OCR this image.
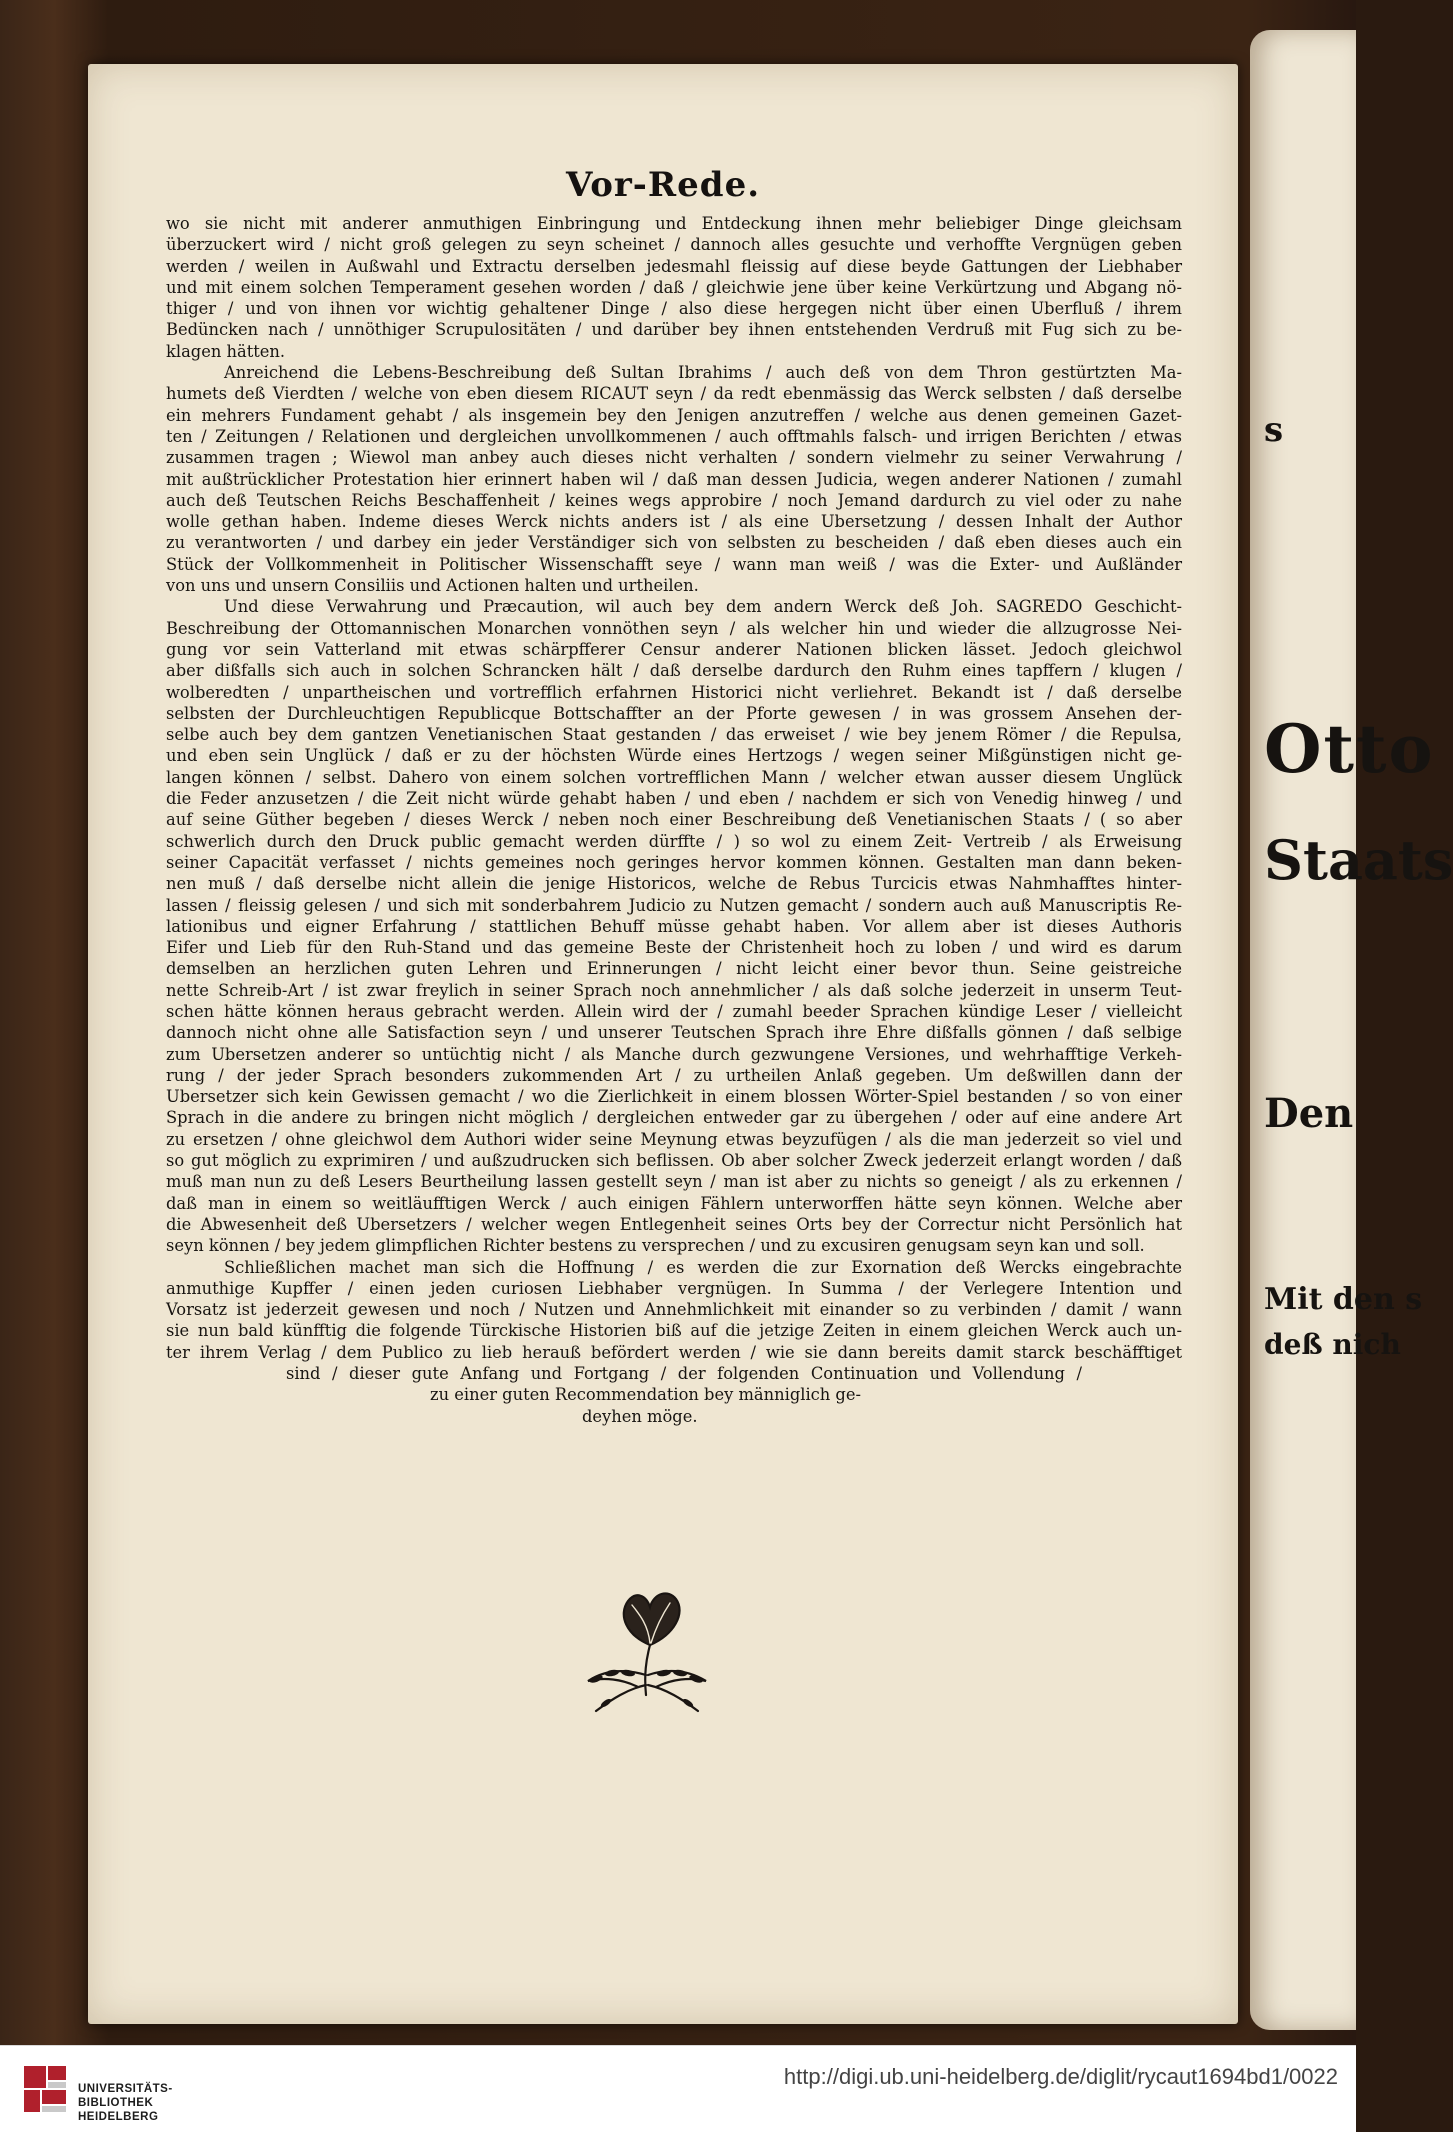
s
Otto
Staats
Den
Mit den s
deß nich
Vor-Rede.
wo sie nicht mit anderer anmuthigen Einbringung und Entdeckung ihnen mehr beliebiger Dinge gleichsam
überzuckert wird / nicht groß gelegen zu seyn scheinet / dannoch alles gesuchte und verhoffte Vergnügen geben
werden / weilen in Außwahl und Extractu derselben jedesmahl fleissig auf diese beyde Gattungen der Liebhaber
und mit einem solchen Temperament gesehen worden / daß / gleichwie jene über keine Verkürtzung und Abgang nö-
thiger / und von ihnen vor wichtig gehaltener Dinge / also diese hergegen nicht über einen Uberfluß / ihrem
Bedüncken nach / unnöthiger Scrupulositäten / und darüber bey ihnen entstehenden Verdruß mit Fug sich zu be-
klagen hätten.
Anreichend die Lebens-Beschreibung deß Sultan Ibrahims / auch deß von dem Thron gestürtzten Ma-
humets deß Vierdten / welche von eben diesem RICAUT seyn / da redt ebenmässig das Werck selbsten / daß derselbe
ein mehrers Fundament gehabt / als insgemein bey den Jenigen anzutreffen / welche aus denen gemeinen Gazet-
ten / Zeitungen / Relationen und dergleichen unvollkommenen / auch offtmahls falsch- und irrigen Berichten / etwas
zusammen tragen ; Wiewol man anbey auch dieses nicht verhalten / sondern vielmehr zu seiner Verwahrung /
mit außtrücklicher Protestation hier erinnert haben wil / daß man dessen Judicia, wegen anderer Nationen / zumahl
auch deß Teutschen Reichs Beschaffenheit / keines wegs approbire / noch Jemand dardurch zu viel oder zu nahe
wolle gethan haben. Indeme dieses Werck nichts anders ist / als eine Ubersetzung / dessen Inhalt der Author
zu verantworten / und darbey ein jeder Verständiger sich von selbsten zu bescheiden / daß eben dieses auch ein
Stück der Vollkommenheit in Politischer Wissenschafft seye / wann man weiß / was die Exter- und Außländer
von uns und unsern Consiliis und Actionen halten und urtheilen.
Und diese Verwahrung und Præcaution, wil auch bey dem andern Werck deß Joh. SAGREDO Geschicht-
Beschreibung der Ottomannischen Monarchen vonnöthen seyn / als welcher hin und wieder die allzugrosse Nei-
gung vor sein Vatterland mit etwas schärpfferer Censur anderer Nationen blicken lässet. Jedoch gleichwol
aber dißfalls sich auch in solchen Schrancken hält / daß derselbe dardurch den Ruhm eines tapffern / klugen /
wolberedten / unpartheischen und vortrefflich erfahrnen Historici nicht verliehret. Bekandt ist / daß derselbe
selbsten der Durchleuchtigen Republicque Bottschaffter an der Pforte gewesen / in was grossem Ansehen der-
selbe auch bey dem gantzen Venetianischen Staat gestanden / das erweiset / wie bey jenem Römer / die Repulsa,
und eben sein Unglück / daß er zu der höchsten Würde eines Hertzogs / wegen seiner Mißgünstigen nicht ge-
langen können / selbst. Dahero von einem solchen vortrefflichen Mann / welcher etwan ausser diesem Unglück
die Feder anzusetzen / die Zeit nicht würde gehabt haben / und eben / nachdem er sich von Venedig hinweg / und
auf seine Güther begeben / dieses Werck / neben noch einer Beschreibung deß Venetianischen Staats / ( so aber
schwerlich durch den Druck public gemacht werden dürffte / ) so wol zu einem Zeit- Vertreib / als Erweisung
seiner Capacität verfasset / nichts gemeines noch geringes hervor kommen können. Gestalten man dann beken-
nen muß / daß derselbe nicht allein die jenige Historicos, welche de Rebus Turcicis etwas Nahmhafftes hinter-
lassen / fleissig gelesen / und sich mit sonderbahrem Judicio zu Nutzen gemacht / sondern auch auß Manuscriptis Re-
lationibus und eigner Erfahrung / stattlichen Behuff müsse gehabt haben. Vor allem aber ist dieses Authoris
Eifer und Lieb für den Ruh-Stand und das gemeine Beste der Christenheit hoch zu loben / und wird es darum
demselben an herzlichen guten Lehren und Erinnerungen / nicht leicht einer bevor thun. Seine geistreiche
nette Schreib-Art / ist zwar freylich in seiner Sprach noch annehmlicher / als daß solche jederzeit in unserm Teut-
schen hätte können heraus gebracht werden. Allein wird der / zumahl beeder Sprachen kündige Leser / vielleicht
dannoch nicht ohne alle Satisfaction seyn / und unserer Teutschen Sprach ihre Ehre dißfalls gönnen / daß selbige
zum Ubersetzen anderer so untüchtig nicht / als Manche durch gezwungene Versiones, und wehrhafftige Verkeh-
rung / der jeder Sprach besonders zukommenden Art / zu urtheilen Anlaß gegeben. Um deßwillen dann der
Ubersetzer sich kein Gewissen gemacht / wo die Zierlichkeit in einem blossen Wörter-Spiel bestanden / so von einer
Sprach in die andere zu bringen nicht möglich / dergleichen entweder gar zu übergehen / oder auf eine andere Art
zu ersetzen / ohne gleichwol dem Authori wider seine Meynung etwas beyzufügen / als die man jederzeit so viel und
so gut möglich zu exprimiren / und außzudrucken sich beflissen. Ob aber solcher Zweck jederzeit erlangt worden / daß
muß man nun zu deß Lesers Beurtheilung lassen gestellt seyn / man ist aber zu nichts so geneigt / als zu erkennen /
daß man in einem so weitläufftigen Werck / auch einigen Fählern unterworffen hätte seyn können. Welche aber
die Abwesenheit deß Ubersetzers / welcher wegen Entlegenheit seines Orts bey der Correctur nicht Persönlich hat
seyn können / bey jedem glimpflichen Richter bestens zu versprechen / und zu excusiren genugsam seyn kan und soll.
Schließlichen machet man sich die Hoffnung / es werden die zur Exornation deß Wercks eingebrachte
anmuthige Kupffer / einen jeden curiosen Liebhaber vergnügen. In Summa / der Verlegere Intention und
Vorsatz ist jederzeit gewesen und noch / Nutzen und Annehmlichkeit mit einander so zu verbinden / damit / wann
sie nun bald künfftig die folgende Türckische Historien biß auf die jetzige Zeiten in einem gleichen Werck auch un-
ter ihrem Verlag / dem Publico zu lieb herauß befördert werden / wie sie dann bereits damit starck beschäfftiget
sind / dieser gute Anfang und Fortgang / der folgenden Continuation und Vollendung /
zu einer guten Recommendation bey männiglich ge-
deyhen möge.
UNIVERSITÄTS-
BIBLIOTHEK
HEIDELBERG
http://digi.ub.uni-heidelberg.de/diglit/rycaut1694bd1/0022
